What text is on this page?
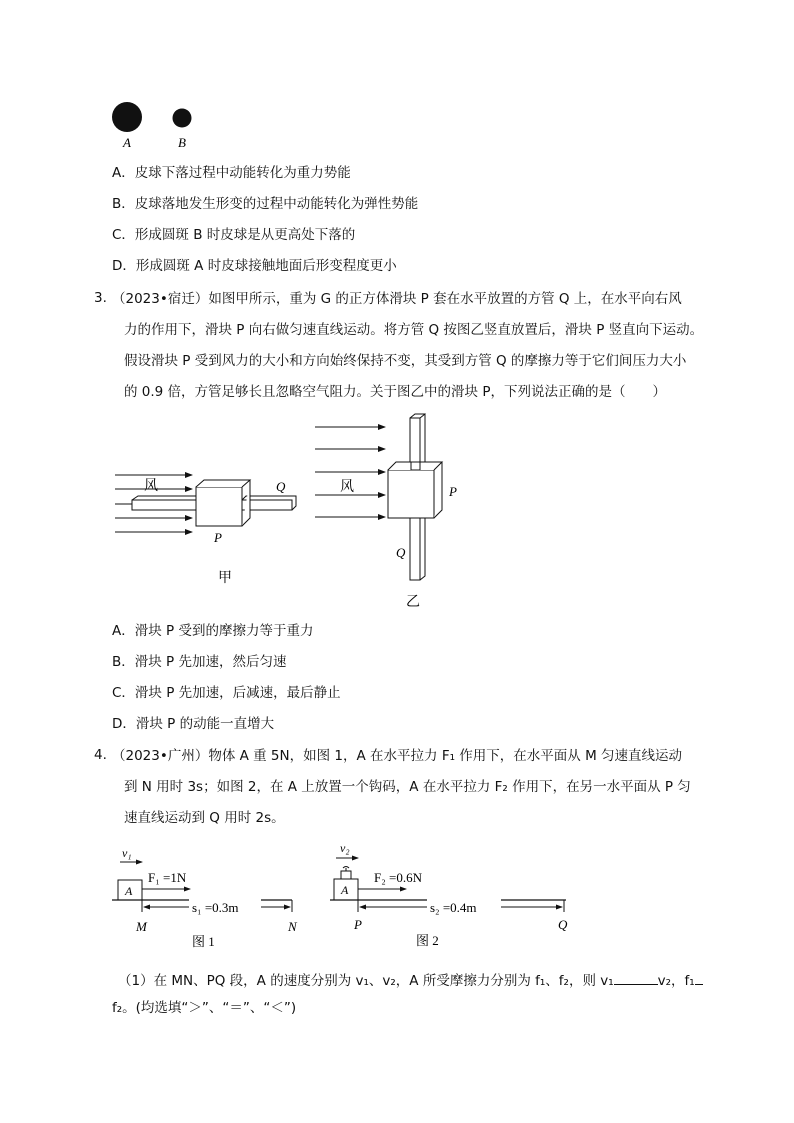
A	B
A．皮球下落过程中动能转化为重力势能
B．皮球落地发生形变的过程中动能转化为弹性势能
C．形成圆斑 B 时皮球是从更高处下落的
D．形成圆斑 A 时皮球接触地面后形变程度更小
3. （2023•宿迁）如图甲所示，重为 G 的正方体滑块 P 套在水平放置的方管 Q 上，在水平向右风
力的作用下，滑块 P 向右做匀速直线运动。将方管 Q 按图乙竖直放置后，滑块 P 竖直向下运动。
假设滑块 P 受到风力的大小和方向始终保持不变，其受到方管 Q 的摩擦力等于它们间压力大小
的 0.9 倍，方管足够长且忽略空气阻力。关于图乙中的滑块 P，下列说法正确的是（　　）
风	Q
P
甲
风	P
Q
乙
A．滑块 P 受到的摩擦力等于重力
B．滑块 P 先加速，然后匀速
C．滑块 P 先加速，后减速，最后静止
D．滑块 P 的动能一直增大
4. （2023•广州）物体 A 重 5N，如图 1，A 在水平拉力 F₁ 作用下，在水平面从 M 匀速直线运动
到 N 用时 3s；如图 2，在 A 上放置一个钩码，A 在水平拉力 F₂ 作用下，在另一水平面从 P 匀
速直线运动到 Q 用时 2s。
v₁
A
F₁ =1N
s₁ =0.3m
M	N
图 1
v₂
A
F₂ =0.6N
s₂ =0.4m
P	Q
图 2
（1）在 MN、PQ 段，A 的速度分别为 v₁、v₂，A 所受摩擦力分别为 f₁、f₂，则 v₁	v₂，f₁
f₂。(均选填“＞”、“＝”、“＜”)
